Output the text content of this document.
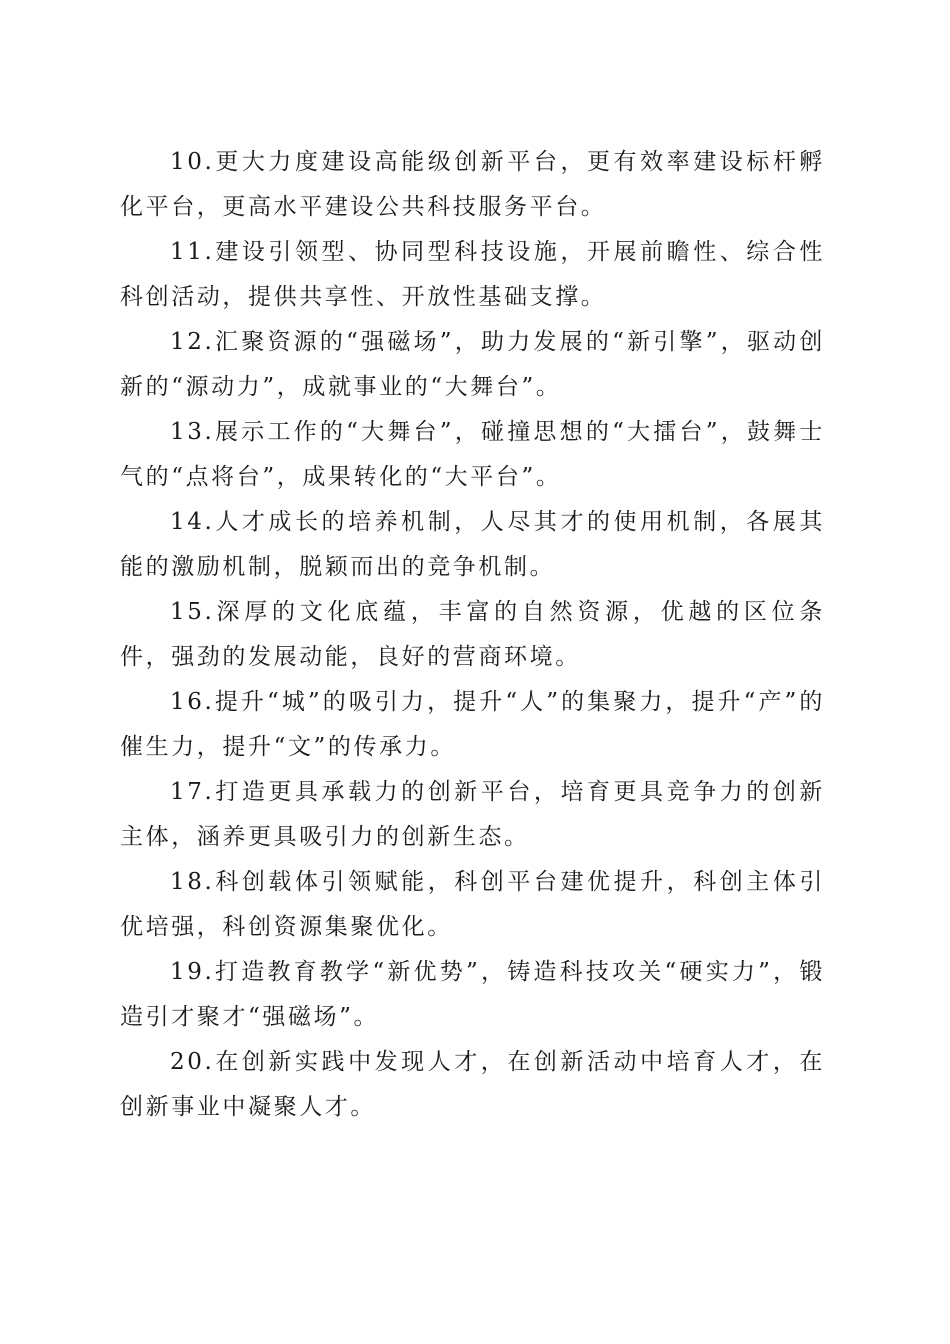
10.更大力度建设高能级创新平台，更有效率建设标杆孵化平台，更高水平建设公共科技服务平台。

11.建设引领型、协同型科技设施，开展前瞻性、综合性科创活动，提供共享性、开放性基础支撑。

12.汇聚资源的“强磁场”，助力发展的“新引擎”，驱动创新的“源动力”，成就事业的“大舞台”。

13.展示工作的“大舞台”，碰撞思想的“大擂台”，鼓舞士气的“点将台”，成果转化的“大平台”。

14.人才成长的培养机制，人尽其才的使用机制，各展其能的激励机制，脱颖而出的竞争机制。

15.深厚的文化底蕴，丰富的自然资源，优越的区位条件，强劲的发展动能，良好的营商环境。

16.提升“城”的吸引力，提升“人”的集聚力，提升“产”的催生力，提升“文”的传承力。

17.打造更具承载力的创新平台，培育更具竞争力的创新主体，涵养更具吸引力的创新生态。

18.科创载体引领赋能，科创平台建优提升，科创主体引优培强，科创资源集聚优化。

19.打造教育教学“新优势”，铸造科技攻关“硬实力”，锻造引才聚才“强磁场”。

20.在创新实践中发现人才，在创新活动中培育人才，在创新事业中凝聚人才。
